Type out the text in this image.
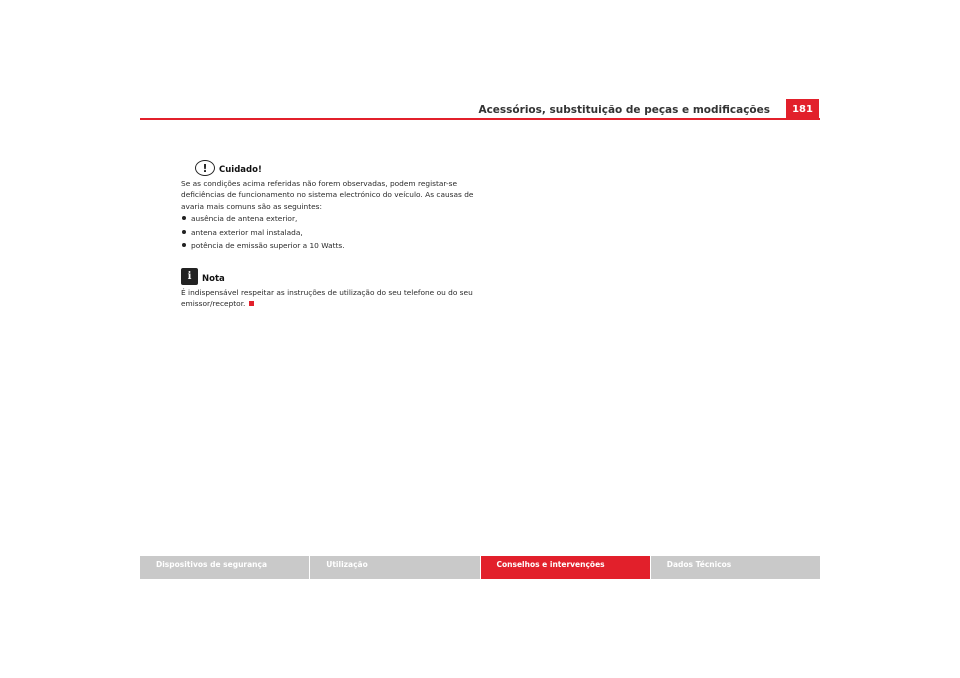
Acessórios, substituição de peças e modificações	181
!	Cuidado!

Se as condições acima referidas não forem observadas, podem registar-se deficiências de funcionamento no sistema electrónico do veículo. As causas de avaria mais comuns são as seguintes:

ausência de antena exterior,
antena exterior mal instalada,
potência de emissão superior a 10 Watts.
i	Nota

É indispensável respeitar as instruções de utilização do seu telefone ou do seu emissor/receptor.

Dispositivos de segurança	Utilização	Conselhos e intervenções	Dados Técnicos
